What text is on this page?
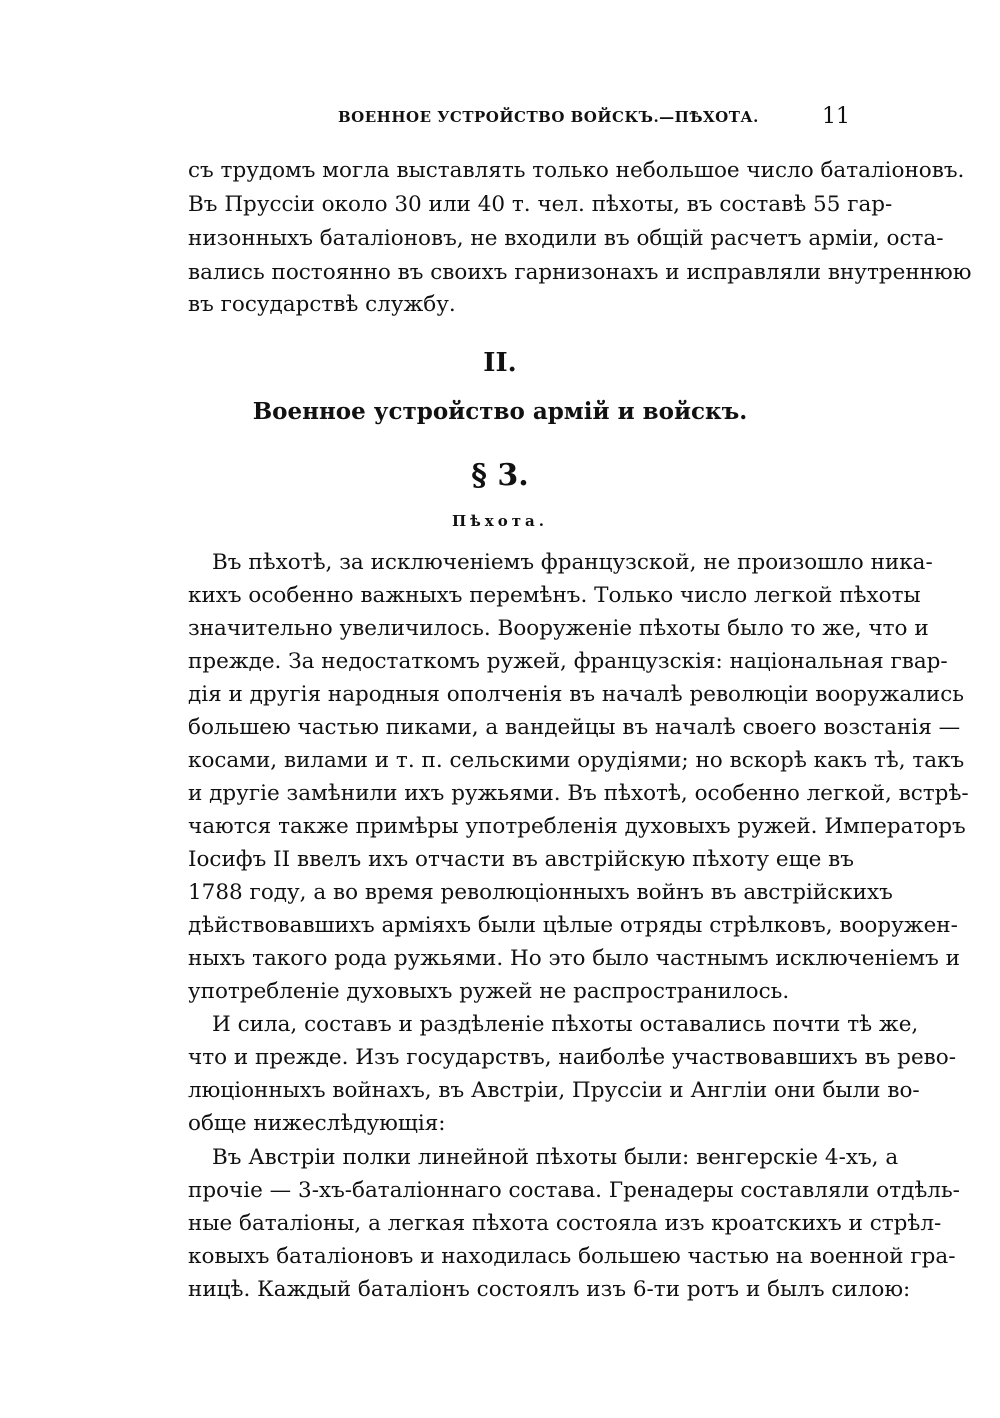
ВОЕННОЕ УСТРОЙСТВО ВОЙСКЪ.—ПѢХОТА.	11
съ трудомъ могла выставлять только небольшое число баталіоновъ.
Въ Пруссіи около 30 или 40 т. чел. пѣхоты, въ составѣ 55 гар-
низонныхъ баталіоновъ, не входили въ общій расчетъ арміи, оста-
вались постоянно въ своихъ гарнизонахъ и исправляли внутреннюю
въ государствѣ службу.
II.
Военное устройство армій и войскъ.
§ 3.
Пѣхота.
Въ пѣхотѣ, за исключеніемъ французской, не произошло ника-
кихъ особенно важныхъ перемѣнъ. Только число легкой пѣхоты
значительно увеличилось. Вооруженіе пѣхоты было то же, что и
прежде. За недостаткомъ ружей, французскія: національная гвар-
дія и другія народныя ополченія въ началѣ революціи вооружались
большею частью пиками, а вандейцы въ началѣ своего возстанія —
косами, вилами и т. п. сельскими орудіями; но вскорѣ какъ тѣ, такъ
и другіе замѣнили ихъ ружьями. Въ пѣхотѣ, особенно легкой, встрѣ-
чаются также примѣры употребленія духовыхъ ружей. Императоръ
Іосифъ II ввелъ ихъ отчасти въ австрійскую пѣхоту еще въ
1788 году, а во время революціонныхъ войнъ въ австрійскихъ
дѣйствовавшихъ арміяхъ были цѣлые отряды стрѣлковъ, вооружен-
ныхъ такого рода ружьями. Но это было частнымъ исключеніемъ и
употребленіе духовыхъ ружей не распространилось.
И сила, составъ и раздѣленіе пѣхоты оставались почти тѣ же,
что и прежде. Изъ государствъ, наиболѣе участвовавшихъ въ рево-
люціонныхъ войнахъ, въ Австріи, Пруссіи и Англіи они были во-
обще нижеслѣдующія:
Въ Австріи полки линейной пѣхоты были: венгерскіе 4-хъ, а
прочіе — 3-хъ-баталіоннаго состава. Гренадеры составляли отдѣль-
ные баталіоны, а легкая пѣхота состояла изъ кроатскихъ и стрѣл-
ковыхъ баталіоновъ и находилась большею частью на военной гра-
ницѣ. Каждый баталіонъ состоялъ изъ 6-ти ротъ и былъ силою:
